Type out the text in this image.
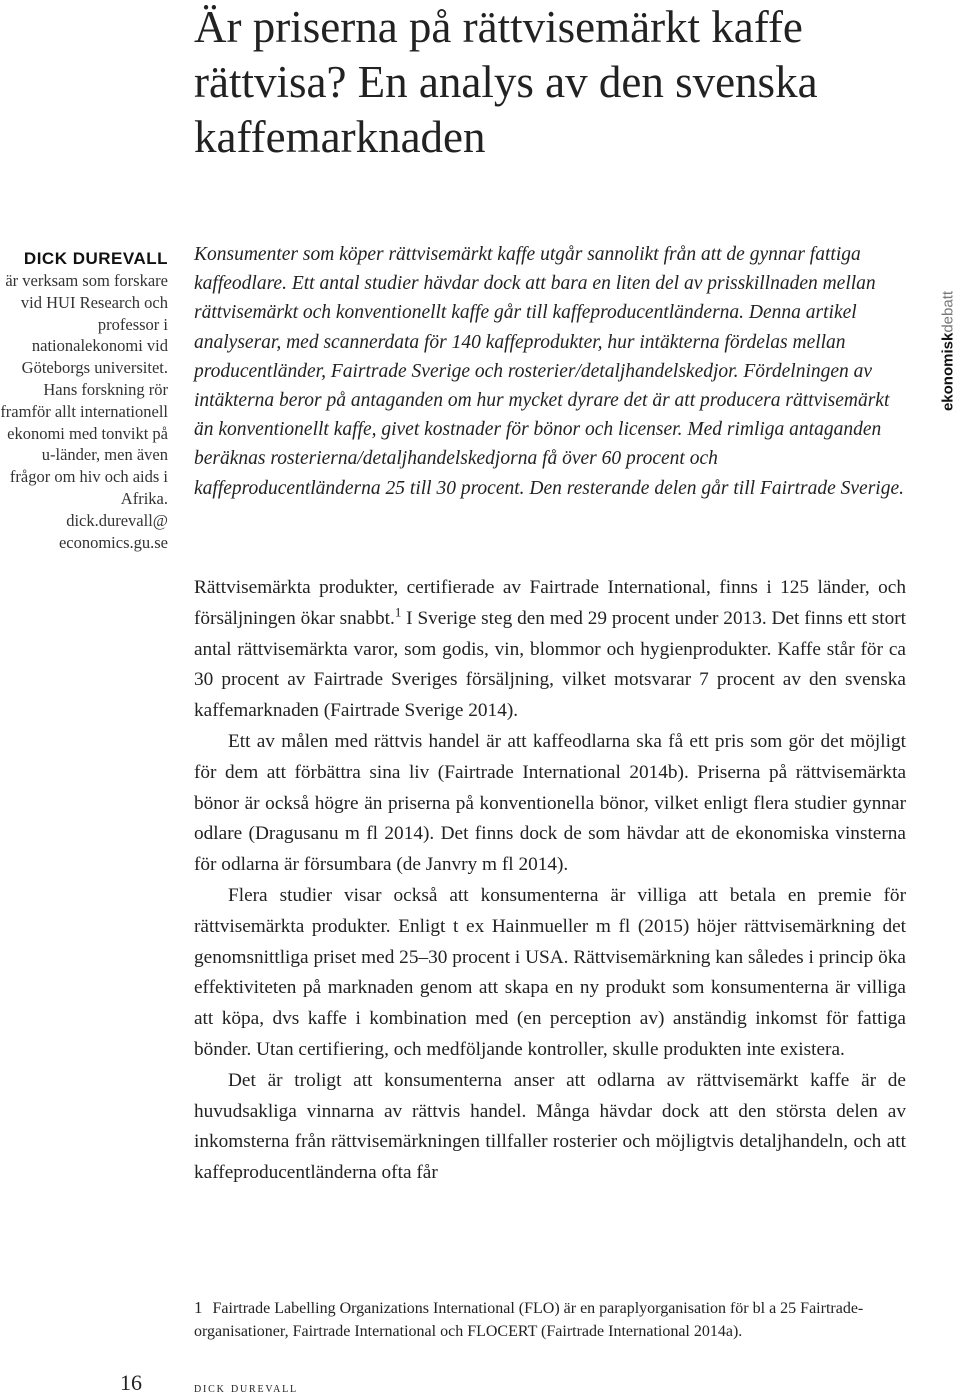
Är priserna på rättvisemärkt kaffe rättvisa? En analys av den svenska kaffemarknaden

DICK DUREVALL

är verksam som forskare vid HUI Research och professor i nationalekonomi vid Göteborgs universitet. Hans forskning rör framför allt internationell ekonomi med tonvikt på u-länder, men även frågor om hiv och aids i Afrika.

dick.durevall@ economics.gu.se

Konsumenter som köper rättvisemärkt kaffe utgår sannolikt från att de gynnar fattiga kaffeodlare. Ett antal studier hävdar dock att bara en liten del av prisskillnaden mellan rättvisemärkt och konventionellt kaffe går till kaffeproducentländerna. Denna artikel analyserar, med scannerdata för 140 kaffeprodukter, hur intäkterna fördelas mellan producentländer, Fairtrade Sverige och rosterier/detaljhandelskedjor. Fördelningen av intäkterna beror på antaganden om hur mycket dyrare det är att producera rättvisemärkt än konventionellt kaffe, givet kostnader för bönor och licenser. Med rimliga antaganden beräknas rosterierna/detaljhandelskedjorna få över 60 procent och kaffeproducentländerna 25 till 30 procent. Den resterande delen går till Fairtrade Sverige.

ekonomiskdebatt

Rättvisemärkta produkter, certifierade av Fairtrade International, finns i 125 länder, och försäljningen ökar snabbt.$^1$ I Sverige steg den med 29 procent under 2013. Det finns ett stort antal rättvisemärkta varor, som godis, vin, blommor och hygienprodukter. Kaffe står för ca 30 procent av Fairtrade Sveriges försäljning, vilket motsvarar 7 procent av den svenska kaffemarknaden (Fairtrade Sverige 2014).

Ett av målen med rättvis handel är att kaffeodlarna ska få ett pris som gör det möjligt för dem att förbättra sina liv (Fairtrade International 2014b). Priserna på rättvisemärkta bönor är också högre än priserna på konventionella bönor, vilket enligt flera studier gynnar odlare (Dragusanu m fl 2014). Det finns dock de som hävdar att de ekonomiska vinsterna för odlarna är försumbara (de Janvry m fl 2014).

Flera studier visar också att konsumenterna är villiga att betala en premie för rättvisemärkta produkter. Enligt t ex Hainmueller m fl (2015) höjer rättvisemärkning det genomsnittliga priset med 25–30 procent i USA. Rättvisemärkning kan således i princip öka effektiviteten på marknaden genom att skapa en ny produkt som konsumenterna är villiga att köpa, dvs kaffe i kombination med (en perception av) anständig inkomst för fattiga bönder. Utan certifiering, och medföljande kontroller, skulle produkten inte existera.

Det är troligt att konsumenterna anser att odlarna av rättvisemärkt kaffe är de huvudsakliga vinnarna av rättvis handel. Många hävdar dock att den största delen av inkomsterna från rättvisemärkningen tillfaller rosterier och möjligtvis detaljhandeln, och att kaffeproducentländerna ofta får

1 Fairtrade Labelling Organizations International (FLO) är en paraplyorganisation för bl a 25 Fairtrade-organisationer, Fairtrade International och FLOCERT (Fairtrade International 2014a).

16	dick durevall
